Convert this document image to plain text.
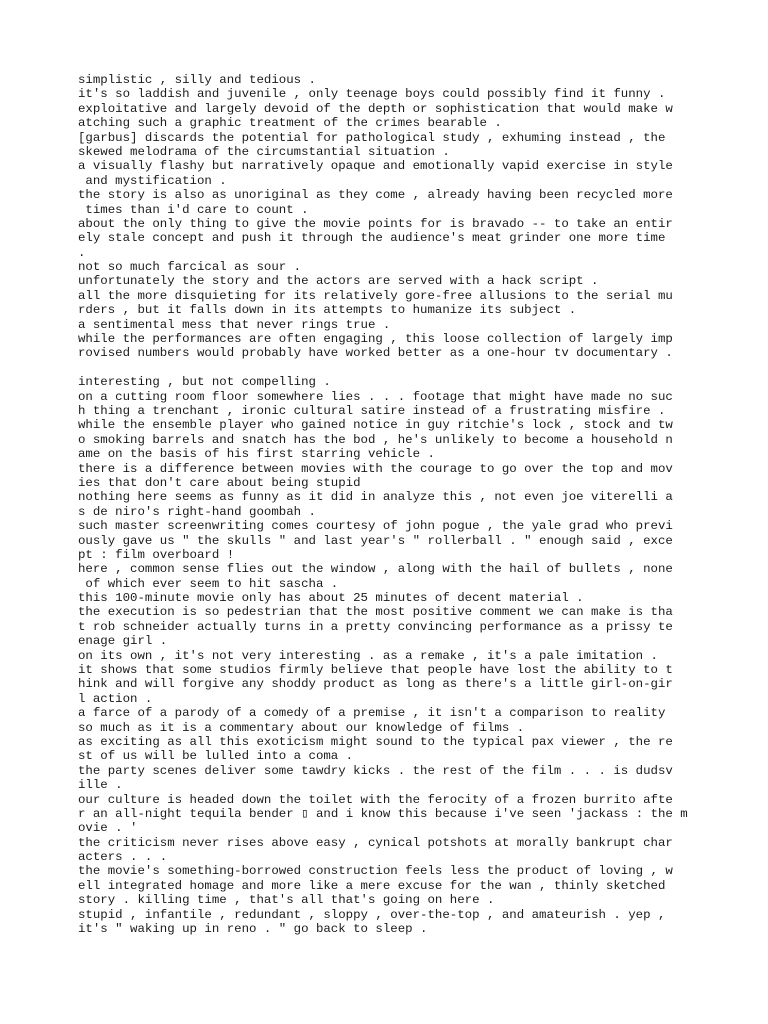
simplistic , silly and tedious .
it's so laddish and juvenile , only teenage boys could possibly find it funny .
exploitative and largely devoid of the depth or sophistication that would make w
atching such a graphic treatment of the crimes bearable .
[garbus] discards the potential for pathological study , exhuming instead , the
skewed melodrama of the circumstantial situation .
a visually flashy but narratively opaque and emotionally vapid exercise in style
and mystification .
the story is also as unoriginal as they come , already having been recycled more
times than i'd care to count .
about the only thing to give the movie points for is bravado -- to take an entir
ely stale concept and push it through the audience's meat grinder one more time
.
not so much farcical as sour .
unfortunately the story and the actors are served with a hack script .
all the more disquieting for its relatively gore-free allusions to the serial mu
rders , but it falls down in its attempts to humanize its subject .
a sentimental mess that never rings true .
while the performances are often engaging , this loose collection of largely imp
rovised numbers would probably have worked better as a one-hour tv documentary .
interesting , but not compelling .
on a cutting room floor somewhere lies . . . footage that might have made no suc
h thing a trenchant , ironic cultural satire instead of a frustrating misfire .
while the ensemble player who gained notice in guy ritchie's lock , stock and tw
o smoking barrels and snatch has the bod , he's unlikely to become a household n
ame on the basis of his first starring vehicle .
there is a difference between movies with the courage to go over the top and mov
ies that don't care about being stupid
nothing here seems as funny as it did in analyze this , not even joe viterelli a
s de niro's right-hand goombah .
such master screenwriting comes courtesy of john pogue , the yale grad who previ
ously gave us " the skulls " and last year's " rollerball . " enough said , exce
pt : film overboard !
here , common sense flies out the window , along with the hail of bullets , none
of which ever seem to hit sascha .
this 100-minute movie only has about 25 minutes of decent material .
the execution is so pedestrian that the most positive comment we can make is tha
t rob schneider actually turns in a pretty convincing performance as a prissy te
enage girl .
on its own , it's not very interesting . as a remake , it's a pale imitation .
it shows that some studios firmly believe that people have lost the ability to t
hink and will forgive any shoddy product as long as there's a little girl-on-gir
l action .
a farce of a parody of a comedy of a premise , it isn't a comparison to reality
so much as it is a commentary about our knowledge of films .
as exciting as all this exoticism might sound to the typical pax viewer , the re
st of us will be lulled into a coma .
the party scenes deliver some tawdry kicks . the rest of the film . . . is dudsv
ille .
our culture is headed down the toilet with the ferocity of a frozen burrito afte
r an all-night tequila bender ▯ and i know this because i've seen 'jackass : the m
ovie . '
the criticism never rises above easy , cynical potshots at morally bankrupt char
acters . . .
the movie's something-borrowed construction feels less the product of loving , w
ell integrated homage and more like a mere excuse for the wan , thinly sketched
story . killing time , that's all that's going on here .
stupid , infantile , redundant , sloppy , over-the-top , and amateurish . yep ,
it's " waking up in reno . " go back to sleep .
